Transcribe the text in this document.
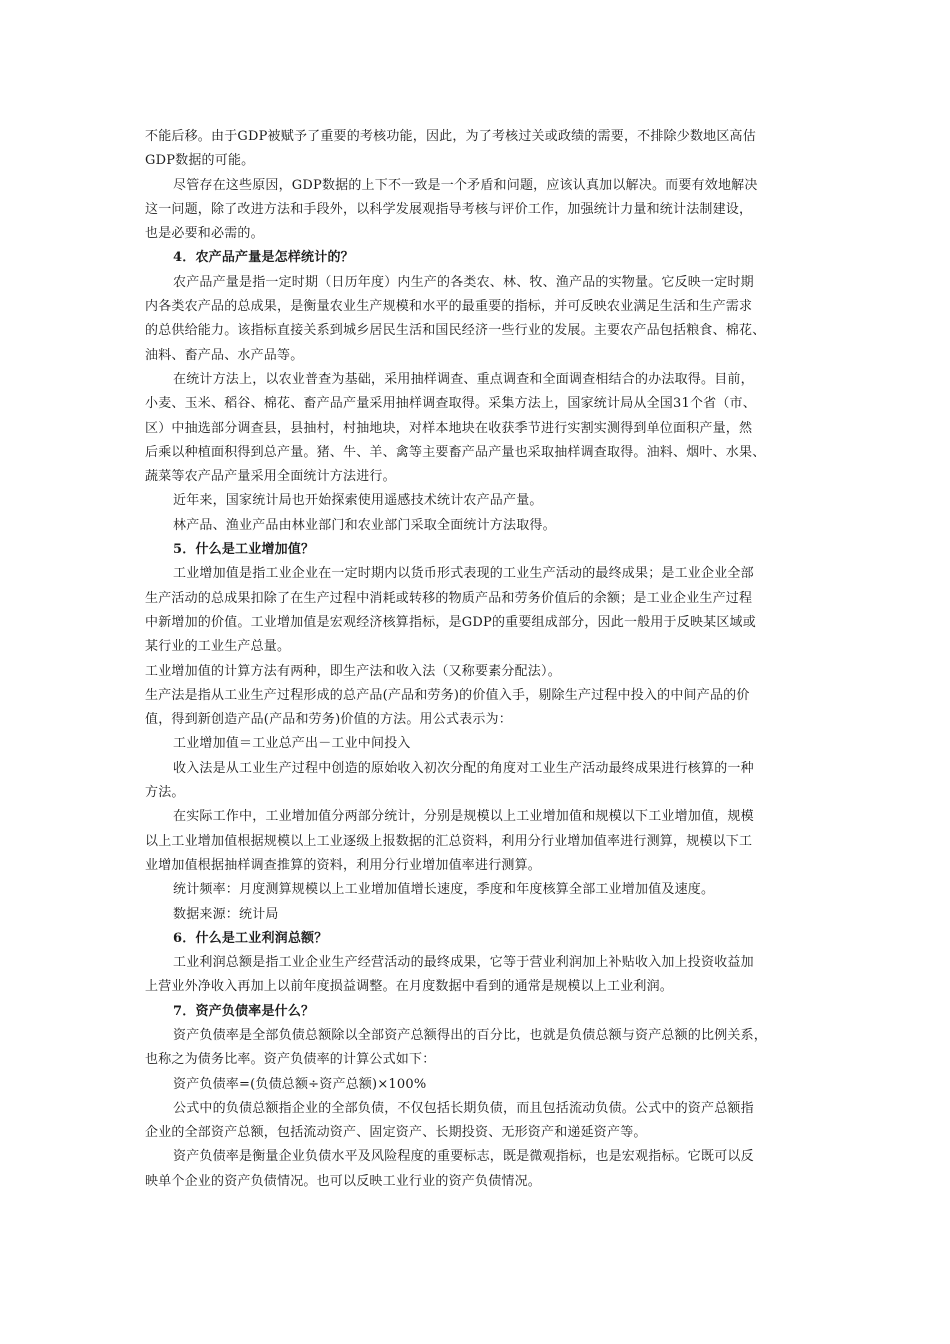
不能后移。由于GDP被赋予了重要的考核功能，因此，为了考核过关或政绩的需要，不排除少数地区高估
GDP数据的可能。
尽管存在这些原因，GDP数据的上下不一致是一个矛盾和问题，应该认真加以解决。而要有效地解决
这一问题，除了改进方法和手段外，以科学发展观指导考核与评价工作，加强统计力量和统计法制建设，
也是必要和必需的。
4．农产品产量是怎样统计的？
农产品产量是指一定时期（日历年度）内生产的各类农、林、牧、渔产品的实物量。它反映一定时期
内各类农产品的总成果，是衡量农业生产规模和水平的最重要的指标，并可反映农业满足生活和生产需求
的总供给能力。该指标直接关系到城乡居民生活和国民经济一些行业的发展。主要农产品包括粮食、棉花、
油料、畜产品、水产品等。
在统计方法上，以农业普查为基础，采用抽样调查、重点调查和全面调查相结合的办法取得。目前，
小麦、玉米、稻谷、棉花、畜产品产量采用抽样调查取得。采集方法上，国家统计局从全国31个省（市、
区）中抽选部分调查县，县抽村，村抽地块，对样本地块在收获季节进行实割实测得到单位面积产量，然
后乘以种植面积得到总产量。猪、牛、羊、禽等主要畜产品产量也采取抽样调查取得。油料、烟叶、水果、
蔬菜等农产品产量采用全面统计方法进行。
近年来，国家统计局也开始探索使用遥感技术统计农产品产量。
林产品、渔业产品由林业部门和农业部门采取全面统计方法取得。
5．什么是工业增加值？
工业增加值是指工业企业在一定时期内以货币形式表现的工业生产活动的最终成果；是工业企业全部
生产活动的总成果扣除了在生产过程中消耗或转移的物质产品和劳务价值后的余额；是工业企业生产过程
中新增加的价值。工业增加值是宏观经济核算指标，是GDP的重要组成部分，因此一般用于反映某区域或
某行业的工业生产总量。
工业增加值的计算方法有两种，即生产法和收入法（又称要素分配法）。
生产法是指从工业生产过程形成的总产品(产品和劳务)的价值入手，剔除生产过程中投入的中间产品的价
值，得到新创造产品(产品和劳务)价值的方法。用公式表示为：
工业增加值＝工业总产出－工业中间投入
收入法是从工业生产过程中创造的原始收入初次分配的角度对工业生产活动最终成果进行核算的一种
方法。
在实际工作中，工业增加值分两部分统计，分别是规模以上工业增加值和规模以下工业增加值，规模
以上工业增加值根据规模以上工业逐级上报数据的汇总资料，利用分行业增加值率进行测算，规模以下工
业增加值根据抽样调查推算的资料，利用分行业增加值率进行测算。
统计频率：月度测算规模以上工业增加值增长速度，季度和年度核算全部工业增加值及速度。
数据来源：统计局
6．什么是工业利润总额？
工业利润总额是指工业企业生产经营活动的最终成果，它等于营业利润加上补贴收入加上投资收益加
上营业外净收入再加上以前年度损益调整。在月度数据中看到的通常是规模以上工业利润。
7．资产负债率是什么？
资产负债率是全部负债总额除以全部资产总额得出的百分比，也就是负债总额与资产总额的比例关系，
也称之为债务比率。资产负债率的计算公式如下：
资产负债率=(负债总额÷资产总额)×100%
公式中的负债总额指企业的全部负债，不仅包括长期负债，而且包括流动负债。公式中的资产总额指
企业的全部资产总额，包括流动资产、固定资产、长期投资、无形资产和递延资产等。
资产负债率是衡量企业负债水平及风险程度的重要标志，既是微观指标，也是宏观指标。它既可以反
映单个企业的资产负债情况。也可以反映工业行业的资产负债情况。
